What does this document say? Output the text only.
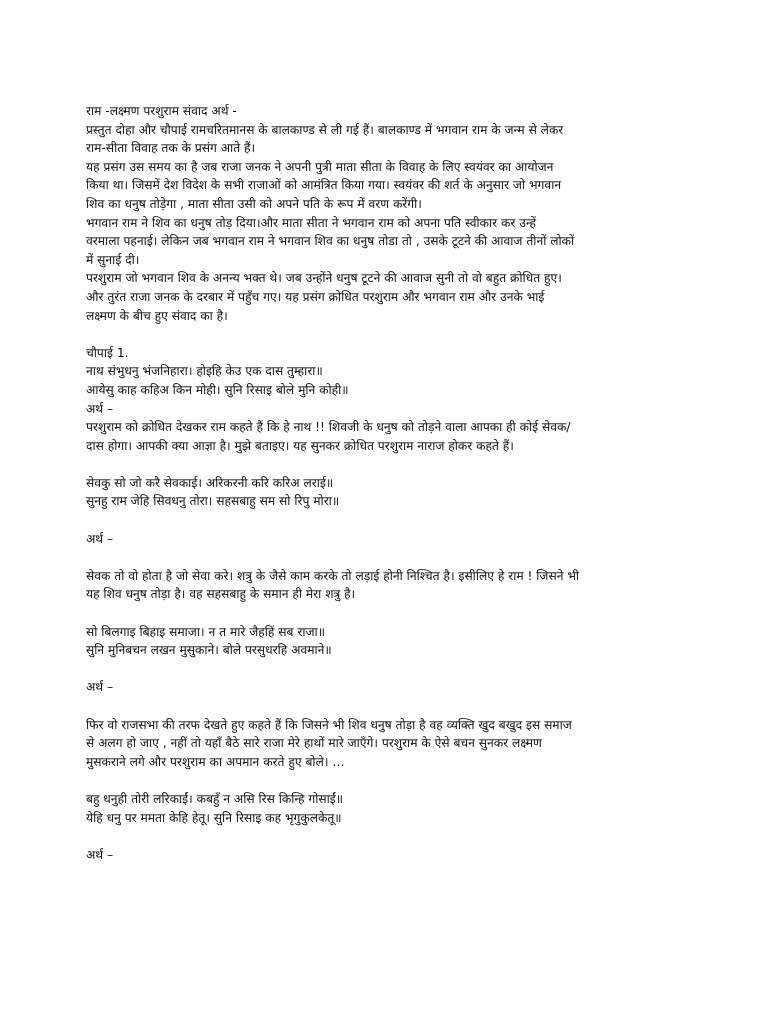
राम -लक्ष्मण परशुराम संवाद अर्थ -

प्रस्तुत दोहा और चौपाई रामचरितमानस के बालकाण्ड से ली गई हैं। बालकाण्ड में भगवान राम के जन्म से लेकर

राम-सीता विवाह तक के प्रसंग आते हैं।

यह प्रसंग उस समय का है जब राजा जनक ने अपनी पुत्री माता सीता के विवाह के लिए स्वयंवर का आयोजन

किया था। जिसमें देश विदेश के सभी राजाओं को आमंत्रित किया गया। स्वयंवर की शर्त के अनुसार जो भगवान

शिव का धनुष तोड़ेगा , माता सीता उसी को अपने पति के रूप में वरण करेंगी।

भगवान राम ने शिव का धनुष तोड़ दिया।और माता सीता ने भगवान राम को अपना पति स्वीकार कर उन्हें

वरमाला पहनाई। लेकिन जब भगवान राम ने भगवान शिव का धनुष तोडा तो , उसके टूटने की आवाज तीनों लोकों

में सुनाई दी।

परशुराम जो भगवान शिव के अनन्य भक्त थे। जब उन्होंने धनुष टूटने की आवाज सुनी तो वो बहुत क्रोधित हुए।

और तुरंत राजा जनक के दरबार में पहुँच गए। यह प्रसंग क्रोधित परशुराम और भगवान राम और उनके भाई

लक्ष्मण के बीच हुए संवाद का है।

चौपाई 1.

नाथ संभुधनु भंजनिहारा। होइहि केउ एक दास तुम्हारा॥

आयेसु काह कहिअ किन मोही। सुनि रिसाइ बोले मुनि कोही॥

अर्थ –

परशुराम को क्रोधित देखकर राम कहते हैं कि हे नाथ !! शिवजी के धनुष को तोड़ने वाला आपका ही कोई सेवक/

दास होगा। आपकी क्या आज्ञा है। मुझे बताइए। यह सुनकर क्रोधित परशुराम नाराज होकर कहते हैं।

सेवकु सो जो करै सेवकाई। अरिकरनी करि करिअ लराई॥

सुनहु राम जेहि सिवधनु तोरा। सहसबाहु सम सो रिपु मोरा॥

अर्थ –

सेवक तो वो होता है जो सेवा करे। शत्रु के जैसे काम करके तो लड़ाई होनी निश्चित है। इसीलिए हे राम ! जिसने भी

यह शिव धनुष तोड़ा है। वह सहसबाहु के समान ही मेरा शत्रु है।

सो बिलगाइ बिहाइ समाजा। न त मारे जैहहिं सब राजा॥

सुनि मुनिबचन लखन मुसुकाने। बोले परसुधरहि अवमाने॥

अर्थ –

फिर वो राजसभा की तरफ देखते हुए कहते हैं कि जिसने भी शिव धनुष तोड़ा है वह व्यक्ति खुद बखुद इस समाज

से अलग हो जाए , नहीं तो यहाँ बैठे सारे राजा मेरे हाथों मारे जाएँगे। परशुराम के ऐसे बचन सुनकर लक्ष्मण

मुसकराने लगे और परशुराम का अपमान करते हुए बोले। …

बहु धनुही तोरी लरिकाईं। कबहुँ न असि रिस किन्हि गोसाईं॥

येहि धनु पर ममता केहि हेतू। सुनि रिसाइ कह भृगुकुलकेतू॥

अर्थ –
